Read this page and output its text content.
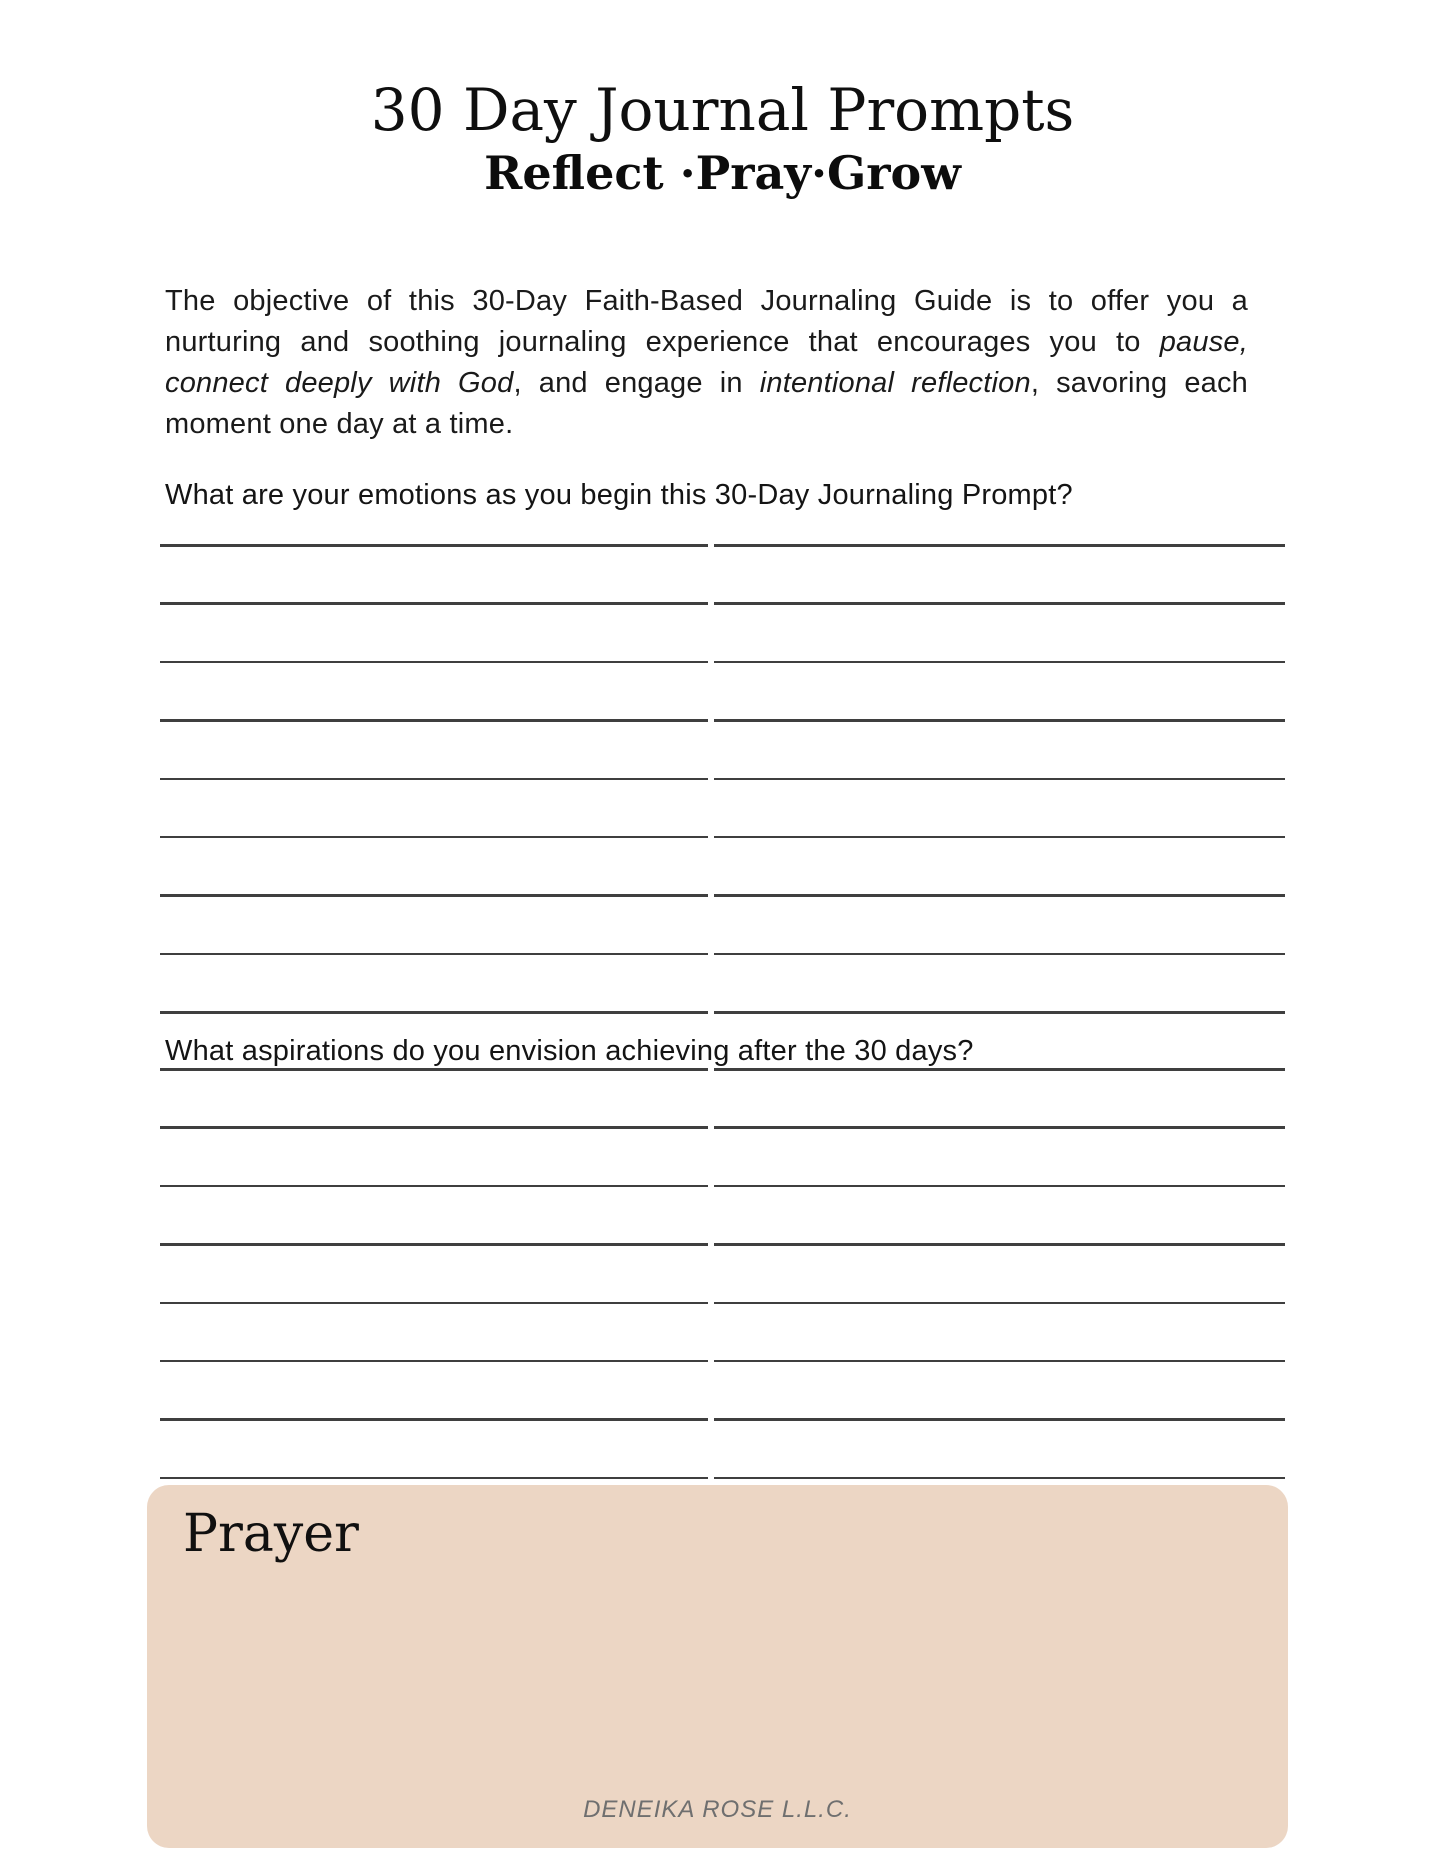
30 Day Journal Prompts
Reflect ·Pray·Grow

The objective of this 30-Day Faith-Based Journaling Guide is to offer you a nurturing and soothing journaling experience that encourages you to pause, connect deeply with God, and engage in intentional reflection, savoring each moment one day at a time.

What are your emotions as you begin this 30-Day Journaling Prompt?

What aspirations do you envision achieving after the 30 days?

Prayer
DENEIKA ROSE L.L.C.
